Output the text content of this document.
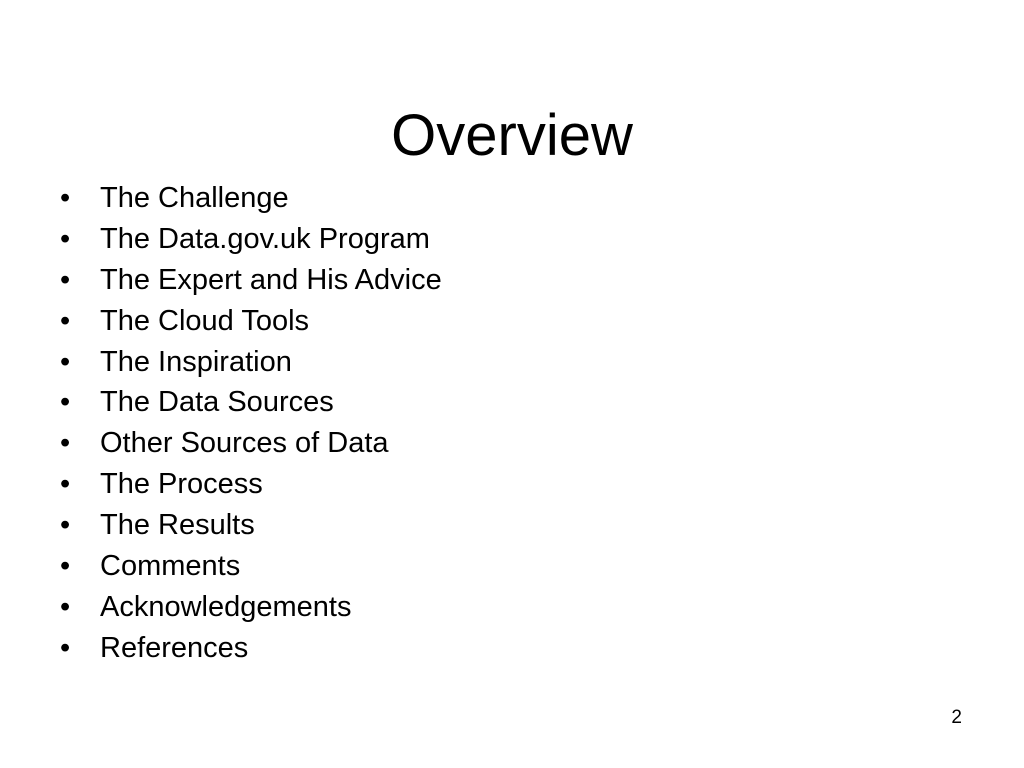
Overview
•	The Challenge
•	The Data.gov.uk Program
•	The Expert and His Advice
•	The Cloud Tools
•	The Inspiration
•	The Data Sources
•	Other Sources of Data
•	The Process
•	The Results
•	Comments
•	Acknowledgements
•	References
2
